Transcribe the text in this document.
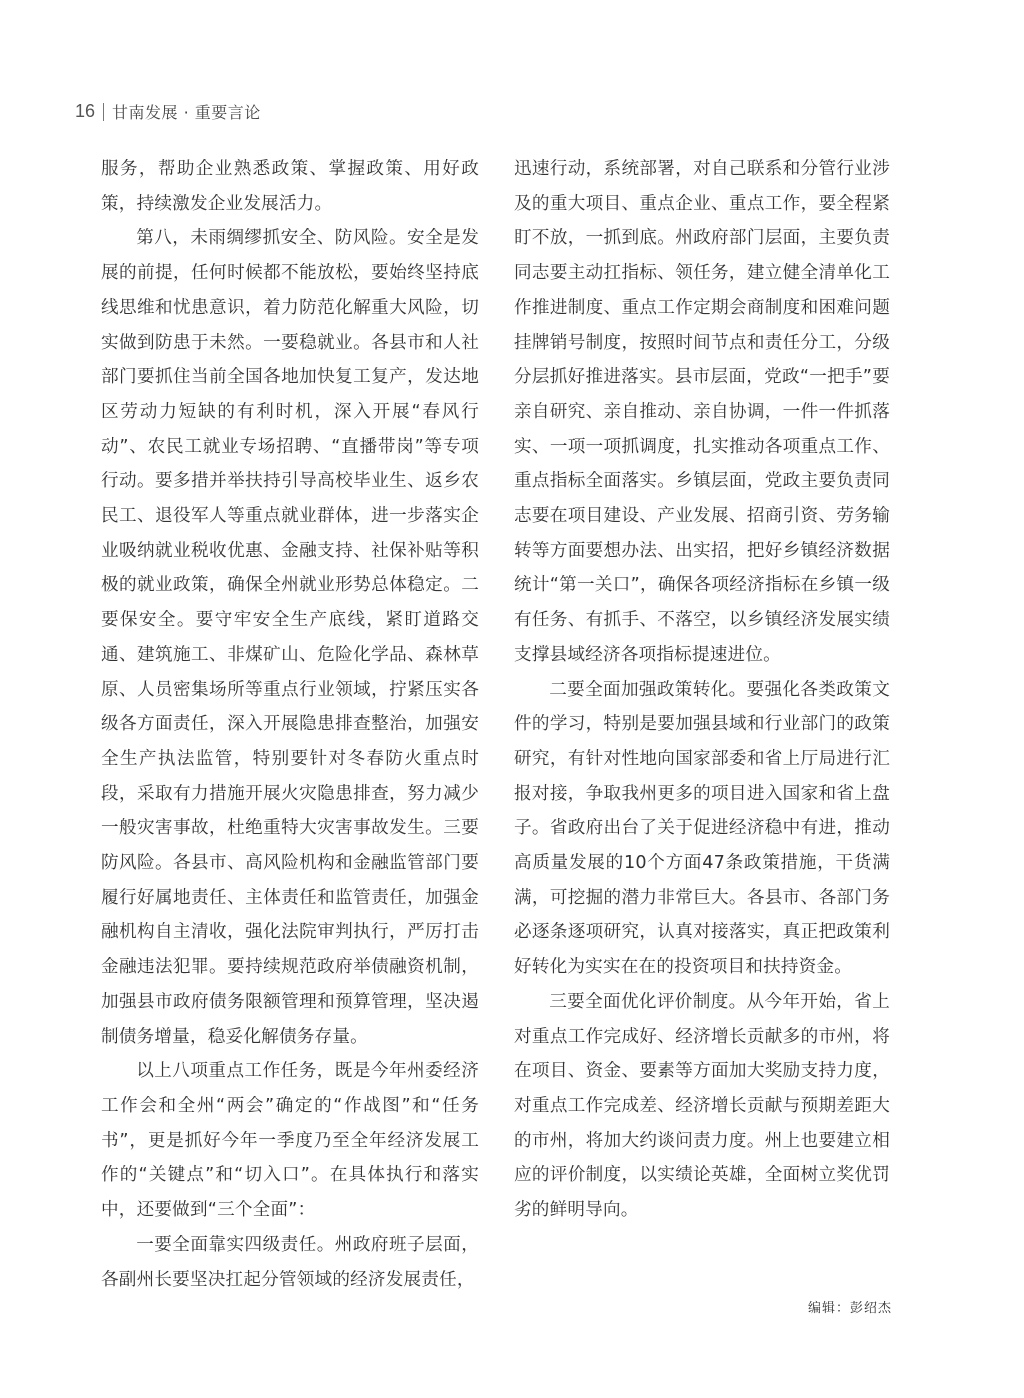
16 甘南发展 · 重要言论

服务，帮助企业熟悉政策、掌握政策、用好政策，持续激发企业发展活力。

第八，未雨绸缪抓安全、防风险。安全是发展的前提，任何时候都不能放松，要始终坚持底线思维和忧患意识，着力防范化解重大风险，切实做到防患于未然。一要稳就业。各县市和人社部门要抓住当前全国各地加快复工复产，发达地区劳动力短缺的有利时机，深入开展“春风行动”、农民工就业专场招聘、“直播带岗”等专项行动。要多措并举扶持引导高校毕业生、返乡农民工、退役军人等重点就业群体，进一步落实企业吸纳就业税收优惠、金融支持、社保补贴等积极的就业政策，确保全州就业形势总体稳定。二要保安全。要守牢安全生产底线，紧盯道路交通、建筑施工、非煤矿山、危险化学品、森林草原、人员密集场所等重点行业领域，拧紧压实各级各方面责任，深入开展隐患排查整治，加强安全生产执法监管，特别要针对冬春防火重点时段，采取有力措施开展火灾隐患排查，努力减少一般灾害事故，杜绝重特大灾害事故发生。三要防风险。各县市、高风险机构和金融监管部门要履行好属地责任、主体责任和监管责任，加强金融机构自主清收，强化法院审判执行，严厉打击金融违法犯罪。要持续规范政府举债融资机制，加强县市政府债务限额管理和预算管理，坚决遏制债务增量，稳妥化解债务存量。

以上八项重点工作任务，既是今年州委经济工作会和全州“两会”确定的“作战图”和“任务书”，更是抓好今年一季度乃至全年经济发展工作的“关键点”和“切入口”。在具体执行和落实中，还要做到“三个全面”：

一要全面靠实四级责任。州政府班子层面，各副州长要坚决扛起分管领域的经济发展责任，

迅速行动，系统部署，对自己联系和分管行业涉及的重大项目、重点企业、重点工作，要全程紧盯不放，一抓到底。州政府部门层面，主要负责同志要主动扛指标、领任务，建立健全清单化工作推进制度、重点工作定期会商制度和困难问题挂牌销号制度，按照时间节点和责任分工，分级分层抓好推进落实。县市层面，党政“一把手”要亲自研究、亲自推动、亲自协调，一件一件抓落实、一项一项抓调度，扎实推动各项重点工作、重点指标全面落实。乡镇层面，党政主要负责同志要在项目建设、产业发展、招商引资、劳务输转等方面要想办法、出实招，把好乡镇经济数据统计“第一关口”，确保各项经济指标在乡镇一级有任务、有抓手、不落空，以乡镇经济发展实绩支撑县域经济各项指标提速进位。

二要全面加强政策转化。要强化各类政策文件的学习，特别是要加强县域和行业部门的政策研究，有针对性地向国家部委和省上厅局进行汇报对接，争取我州更多的项目进入国家和省上盘子。省政府出台了关于促进经济稳中有进，推动高质量发展的10个方面47条政策措施，干货满满，可挖掘的潜力非常巨大。各县市、各部门务必逐条逐项研究，认真对接落实，真正把政策利好转化为实实在在的投资项目和扶持资金。

三要全面优化评价制度。从今年开始，省上对重点工作完成好、经济增长贡献多的市州，将在项目、资金、要素等方面加大奖励支持力度，对重点工作完成差、经济增长贡献与预期差距大的市州，将加大约谈问责力度。州上也要建立相应的评价制度，以实绩论英雄，全面树立奖优罚劣的鲜明导向。

编辑：彭绍杰
